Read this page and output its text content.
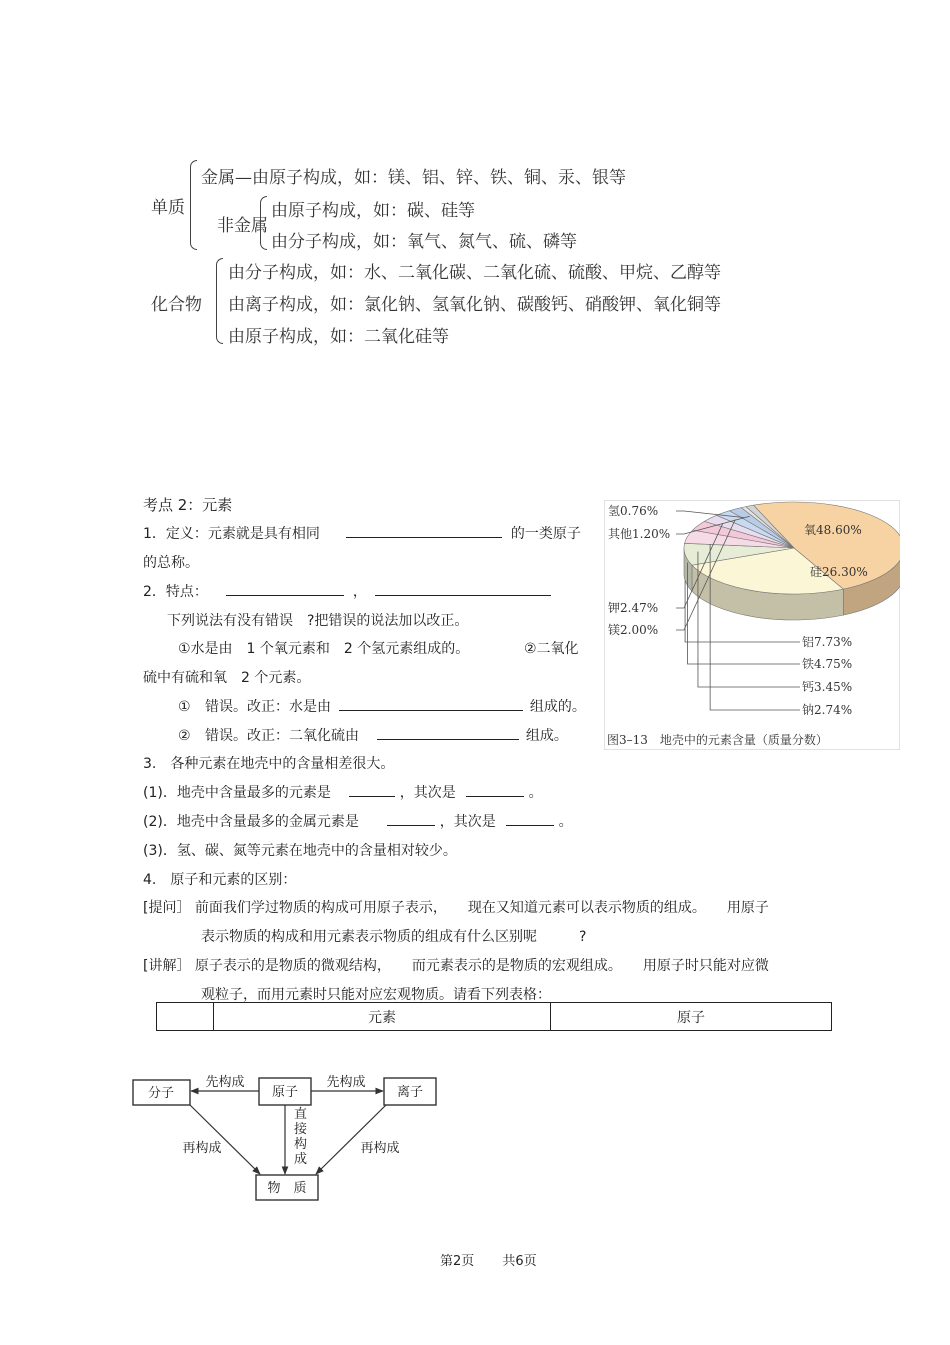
单质
金属—由原子构成，如：镁、铝、锌、铁、铜、汞、银等
非金属
由原子构成，如：碳、硅等
由分子构成，如：氧气、氮气、硫、磷等
化合物
由分子构成，如：水、二氧化碳、二氧化硫、硫酸、甲烷、乙醇等
由离子构成，如：氯化钠、氢氧化钠、碳酸钙、硝酸钾、氧化铜等
由原子构成，如：二氧化硅等
考点 2：元素
1．定义：元素就是具有相同	的一类原子
的总称。
2．特点：	，
下列说法有没有错误　?把错误的说法加以改正。
①水是由　1 个氧元素和　2 个氢元素组成的。	②二氧化
硫中有硫和氧　2 个元素。
① 错误。改正：水是由	组成的。
② 错误。改正：二氧化硫由	组成。
3.　各种元素在地壳中的含量相差很大。
(1)．地壳中含量最多的元素是	，其次是	。
(2)．地壳中含量最多的金属元素是	，其次是	。
(3)．氢、碳、氮等元素在地壳中的含量相对较少。
4.　原子和元素的区别：
[提问］ 前面我们学过物质的构成可用原子表示，　　现在又知道元素可以表示物质的组成。　　用原子
表示物质的构成和用元素表示物质的组成有什么区别呢　　　?
[讲解］ 原子表示的是物质的微观结构，　　而元素表示的是物质的宏观组成。　　用原子时只能对应微
观粒子，而用元素时只能对应宏观物质。请看下列表格：
	元素	原子
氧48.60%
硅26.30%
铝7.73%
铁4.75%
钙3.45%
钠2.74%
钾2.47%
镁2.00%
氢0.76%
其他1.20%
图3–13　地壳中的元素含量（质量分数）
分子	原子	离子
物　质
先构成	先构成
再构成	再构成
直
接
构
成
第2页 共6页
